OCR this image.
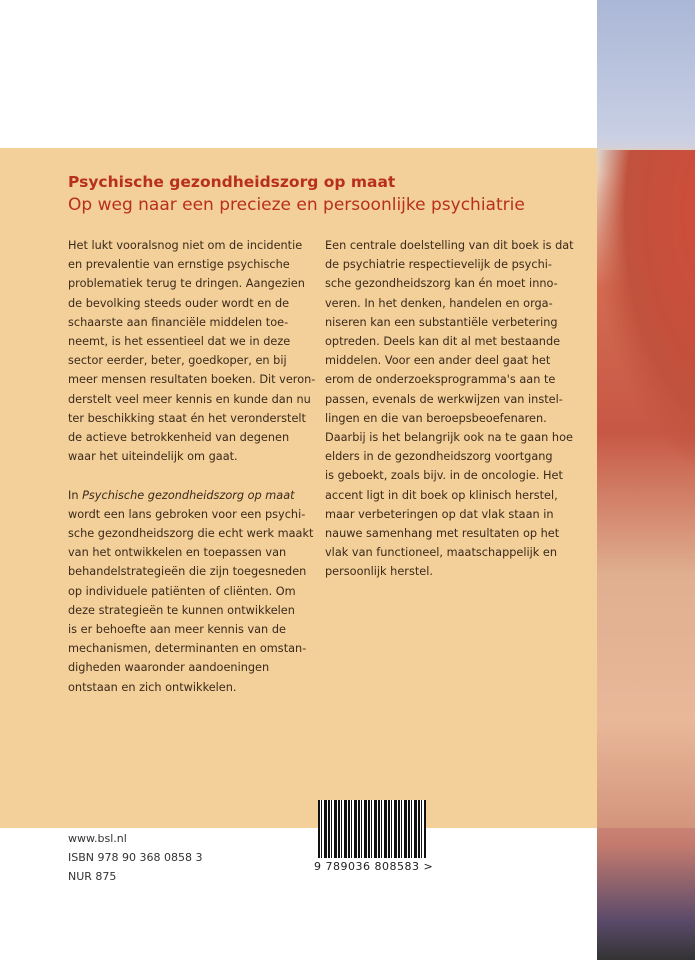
Psychische gezondheidszorg op maat
Op weg naar een precieze en persoonlijke psychiatrie

Het lukt vooralsnog niet om de incidentie
en prevalentie van ernstige psychische
problematiek terug te dringen. Aangezien
de bevolking steeds ouder wordt en de
schaarste aan financiële middelen toe-
neemt, is het essentieel dat we in deze
sector eerder, beter, goedkoper, en bij
meer mensen resultaten boeken. Dit veron-
derstelt veel meer kennis en kunde dan nu
ter beschikking staat én het veronderstelt
de actieve betrokkenheid van degenen
waar het uiteindelijk om gaat.

In Psychische gezondheidszorg op maat
wordt een lans gebroken voor een psychi-
sche gezondheidszorg die echt werk maakt
van het ontwikkelen en toepassen van
behandelstrategieën die zijn toegesneden
op individuele patiënten of cliënten. Om
deze strategieën te kunnen ontwikkelen
is er behoefte aan meer kennis van de
mechanismen, determinanten en omstan-
digheden waaronder aandoeningen
ontstaan en zich ontwikkelen.

Een centrale doelstelling van dit boek is dat
de psychiatrie respectievelijk de psychi-
sche gezondheidszorg kan én moet inno-
veren. In het denken, handelen en orga-
niseren kan een substantiële verbetering
optreden. Deels kan dit al met bestaande
middelen. Voor een ander deel gaat het
erom de onderzoeksprogramma's aan te
passen, evenals de werkwijzen van instel-
lingen en die van beroepsbeoefenaren.
Daarbij is het belangrijk ook na te gaan hoe
elders in de gezondheidszorg voortgang
is geboekt, zoals bijv. in de oncologie. Het
accent ligt in dit boek op klinisch herstel,
maar verbeteringen op dat vlak staan in
nauwe samenhang met resultaten op het
vlak van functioneel, maatschappelijk en
persoonlijk herstel.

www.bsl.nl
ISBN 978 90 368 0858 3
NUR 875
9 789036 808583 >
